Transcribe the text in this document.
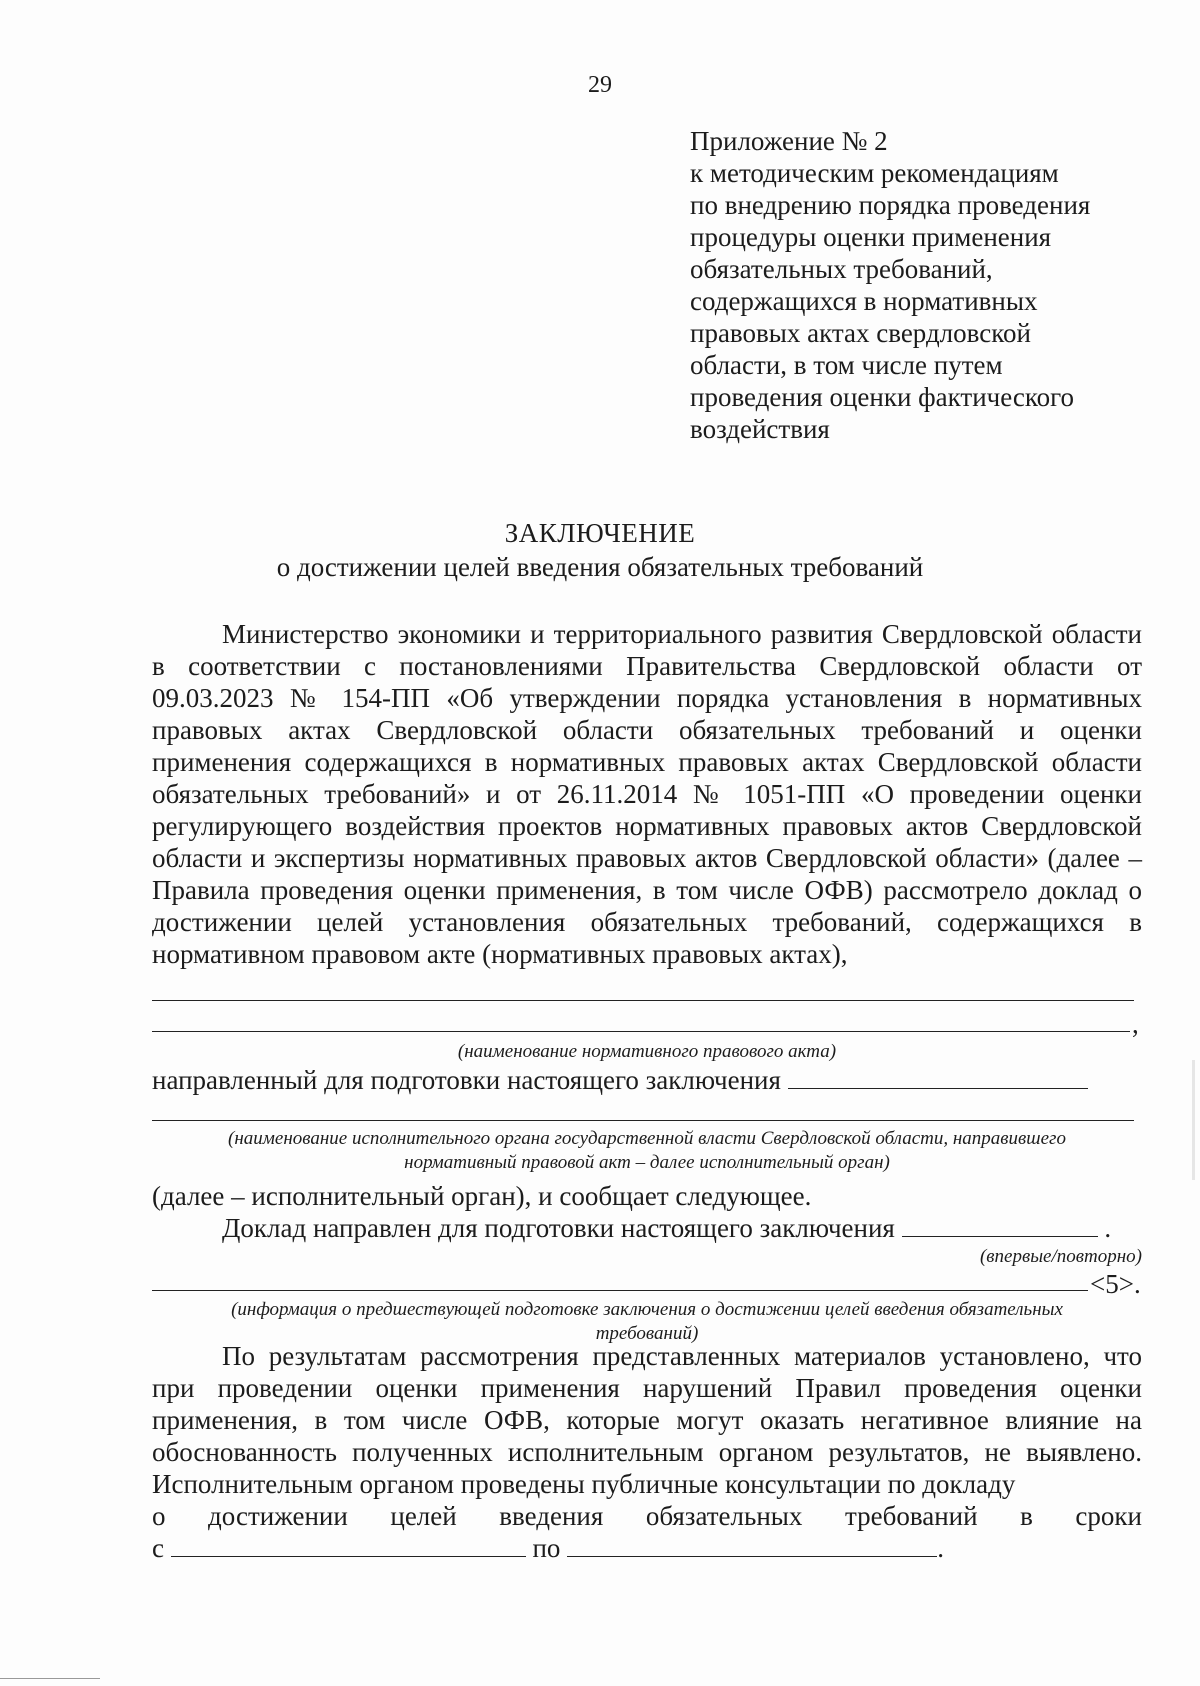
29
Приложение № 2
к методическим рекомендациям
по внедрению порядка проведения
процедуры оценки применения
обязательных требований,
содержащихся в нормативных
правовых актах свердловской
области, в том числе путем
проведения оценки фактического
воздействия
ЗАКЛЮЧЕНИЕ
о достижении целей введения обязательных требований
Министерство экономики и территориального развития Свердловской области в соответствии с постановлениями Правительства Свердловской области от 09.03.2023 № 154-ПП «Об утверждении порядка установления в нормативных правовых актах Свердловской области обязательных требований и оценки применения содержащихся в нормативных правовых актах Свердловской области обязательных требований» и от 26.11.2014 № 1051-ПП «О проведении оценки регулирующего воздействия проектов нормативных правовых актов Свердловской области и экспертизы нормативных правовых актов Свердловской области» (далее – Правила проведения оценки применения, в том числе ОФВ) рассмотрело доклад о достижении целей установления обязательных требований, содержащихся в нормативном правовом акте (нормативных правовых актах),
,
(наименование нормативного правового акта)
направленный для подготовки настоящего заключения
(наименование исполнительного органа государственной власти Свердловской области, направившего
нормативный правовой акт – далее исполнительный орган)
(далее – исполнительный орган), и сообщает следующее.
Доклад направлен для подготовки настоящего заключения	.
(впервые/повторно)
<5>.
(информация о предшествующей подготовке заключения о достижении целей введения обязательных
требований)
По результатам рассмотрения представленных материалов установлено, что при проведении оценки применения нарушений Правил проведения оценки применения, в том числе ОФВ, которые могут оказать негативное влияние на обоснованность полученных исполнительным органом результатов, не выявлено. Исполнительным органом проведены публичные консультации по докладу
о достижении целей введения обязательных требований в сроки
с	по	.
